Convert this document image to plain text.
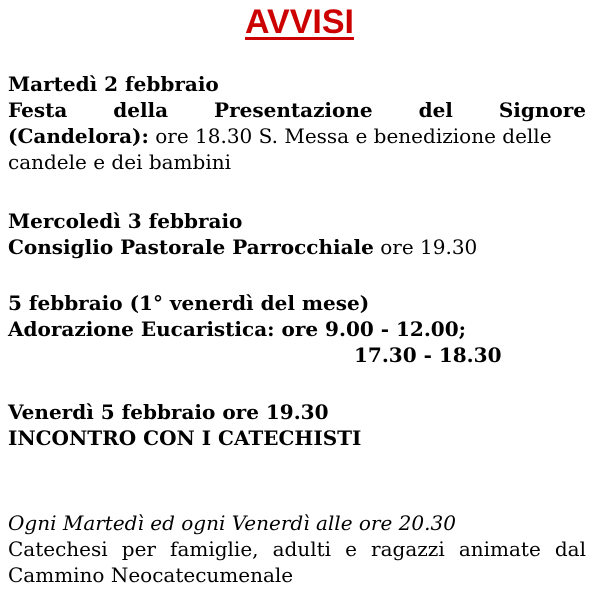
AVVISI
Martedì 2 febbraio
Festa della Presentazione del Signore
(Candelora): ore 18.30 S. Messa e benedizione delle
candele e dei bambini
Mercoledì 3 febbraio
Consiglio Pastorale Parrocchiale ore 19.30
5 febbraio (1° venerdì del mese)
Adorazione Eucaristica: ore 9.00 - 12.00;
17.30 - 18.30
Venerdì 5 febbraio ore 19.30
INCONTRO CON I CATECHISTI
Ogni Martedì ed ogni Venerdì alle ore 20.30
Catechesi per famiglie, adulti e ragazzi animate dal
Cammino Neocatecumenale
